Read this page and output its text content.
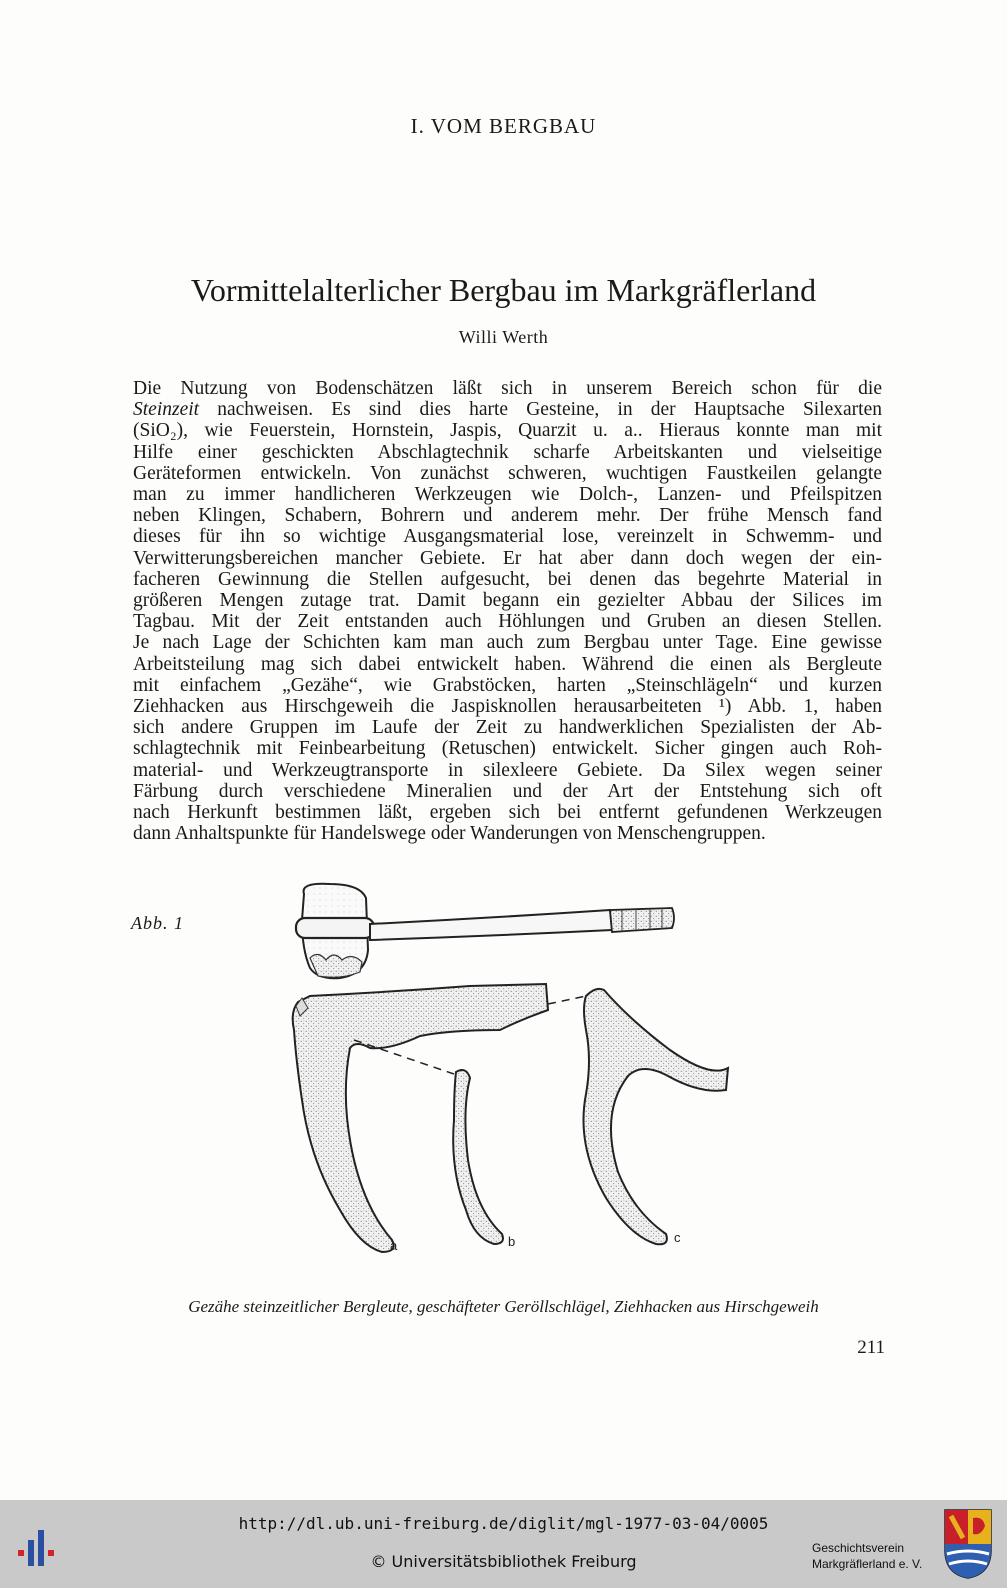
I. VOM BERGBAU
Vormittelalterlicher Bergbau im Markgräflerland
Willi Werth
Die Nutzung von Bodenschätzen läßt sich in unserem Bereich schon für die
Steinzeit nachweisen. Es sind dies harte Gesteine, in der Hauptsache Silexarten
(SiO₂), wie Feuerstein, Hornstein, Jaspis, Quarzit u. a.. Hieraus konnte man mit
Hilfe einer geschickten Abschlagtechnik scharfe Arbeitskanten und vielseitige
Geräteformen entwickeln. Von zunächst schweren, wuchtigen Faustkeilen gelangte
man zu immer handlicheren Werkzeugen wie Dolch-, Lanzen- und Pfeilspitzen
neben Klingen, Schabern, Bohrern und anderem mehr. Der frühe Mensch fand
dieses für ihn so wichtige Ausgangsmaterial lose, vereinzelt in Schwemm- und
Verwitterungsbereichen mancher Gebiete. Er hat aber dann doch wegen der ein-
facheren Gewinnung die Stellen aufgesucht, bei denen das begehrte Material in
größeren Mengen zutage trat. Damit begann ein gezielter Abbau der Silices im
Tagbau. Mit der Zeit entstanden auch Höhlungen und Gruben an diesen Stellen.
Je nach Lage der Schichten kam man auch zum Bergbau unter Tage. Eine gewisse
Arbeitsteilung mag sich dabei entwickelt haben. Während die einen als Bergleute
mit einfachem „Gezähe“, wie Grabstöcken, harten „Steinschlägeln“ und kurzen
Ziehhacken aus Hirschgeweih die Jaspisknollen herausarbeiteten ¹) Abb. 1, haben
sich andere Gruppen im Laufe der Zeit zu handwerklichen Spezialisten der Ab-
schlagtechnik mit Feinbearbeitung (Retuschen) entwickelt. Sicher gingen auch Roh-
material- und Werkzeugtransporte in silexleere Gebiete. Da Silex wegen seiner
Färbung durch verschiedene Mineralien und der Art der Entstehung sich oft
nach Herkunft bestimmen läßt, ergeben sich bei entfernt gefundenen Werkzeugen
dann Anhaltspunkte für Handelswege oder Wanderungen von Menschengruppen.
Abb. 1
a	b	c
Gezähe steinzeitlicher Bergleute, geschäfteter Geröllschlägel, Ziehhacken aus Hirschgeweih
211
http://dl.ub.uni-freiburg.de/diglit/mgl-1977-03-04/0005
© Universitätsbibliothek Freiburg
Geschichtsverein
Markgräflerland e. V.
